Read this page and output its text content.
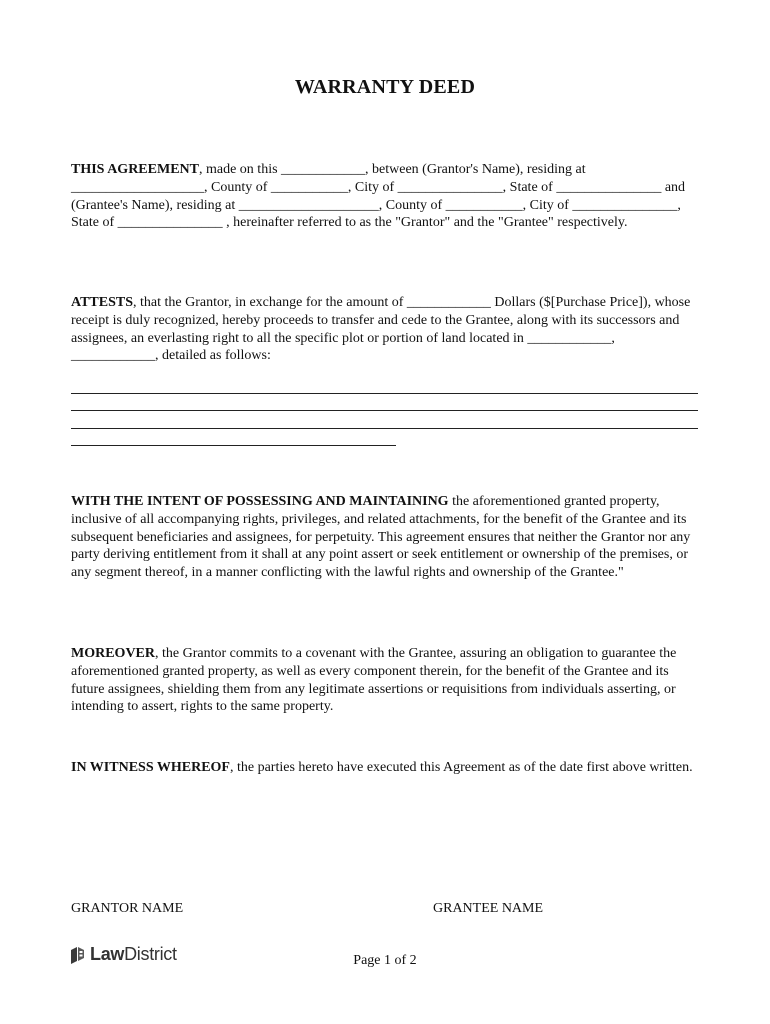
WARRANTY DEED

THIS AGREEMENT, made on this ____________, between (Grantor's Name), residing at ___________________, County of ___________, City of _______________, State of _______________ and (Grantee's Name), residing at ____________________, County of ___________, City of _______________, State of _______________ , hereinafter referred to as the "Grantor" and the "Grantee" respectively.

ATTESTS, that the Grantor, in exchange for the amount of ____________ Dollars ($[Purchase Price]), whose receipt is duly recognized, hereby proceeds to transfer and cede to the Grantee, along with its successors and assignees, an everlasting right to all the specific plot or portion of land located in ____________, ____________, detailed as follows:

WITH THE INTENT OF POSSESSING AND MAINTAINING the aforementioned granted property, inclusive of all accompanying rights, privileges, and related attachments, for the benefit of the Grantee and its subsequent beneficiaries and assignees, for perpetuity. This agreement ensures that neither the Grantor nor any party deriving entitlement from it shall at any point assert or seek entitlement or ownership of the premises, or any segment thereof, in a manner conflicting with the lawful rights and ownership of the Grantee."

MOREOVER, the Grantor commits to a covenant with the Grantee, assuring an obligation to guarantee the aforementioned granted property, as well as every component therein, for the benefit of the Grantee and its future assignees, shielding them from any legitimate assertions or requisitions from individuals asserting, or intending to assert, rights to the same property.

IN WITNESS WHEREOF, the parties hereto have executed this Agreement as of the date first above written.

GRANTOR NAME	GRANTEE NAME

Law District	Page 1 of 2
